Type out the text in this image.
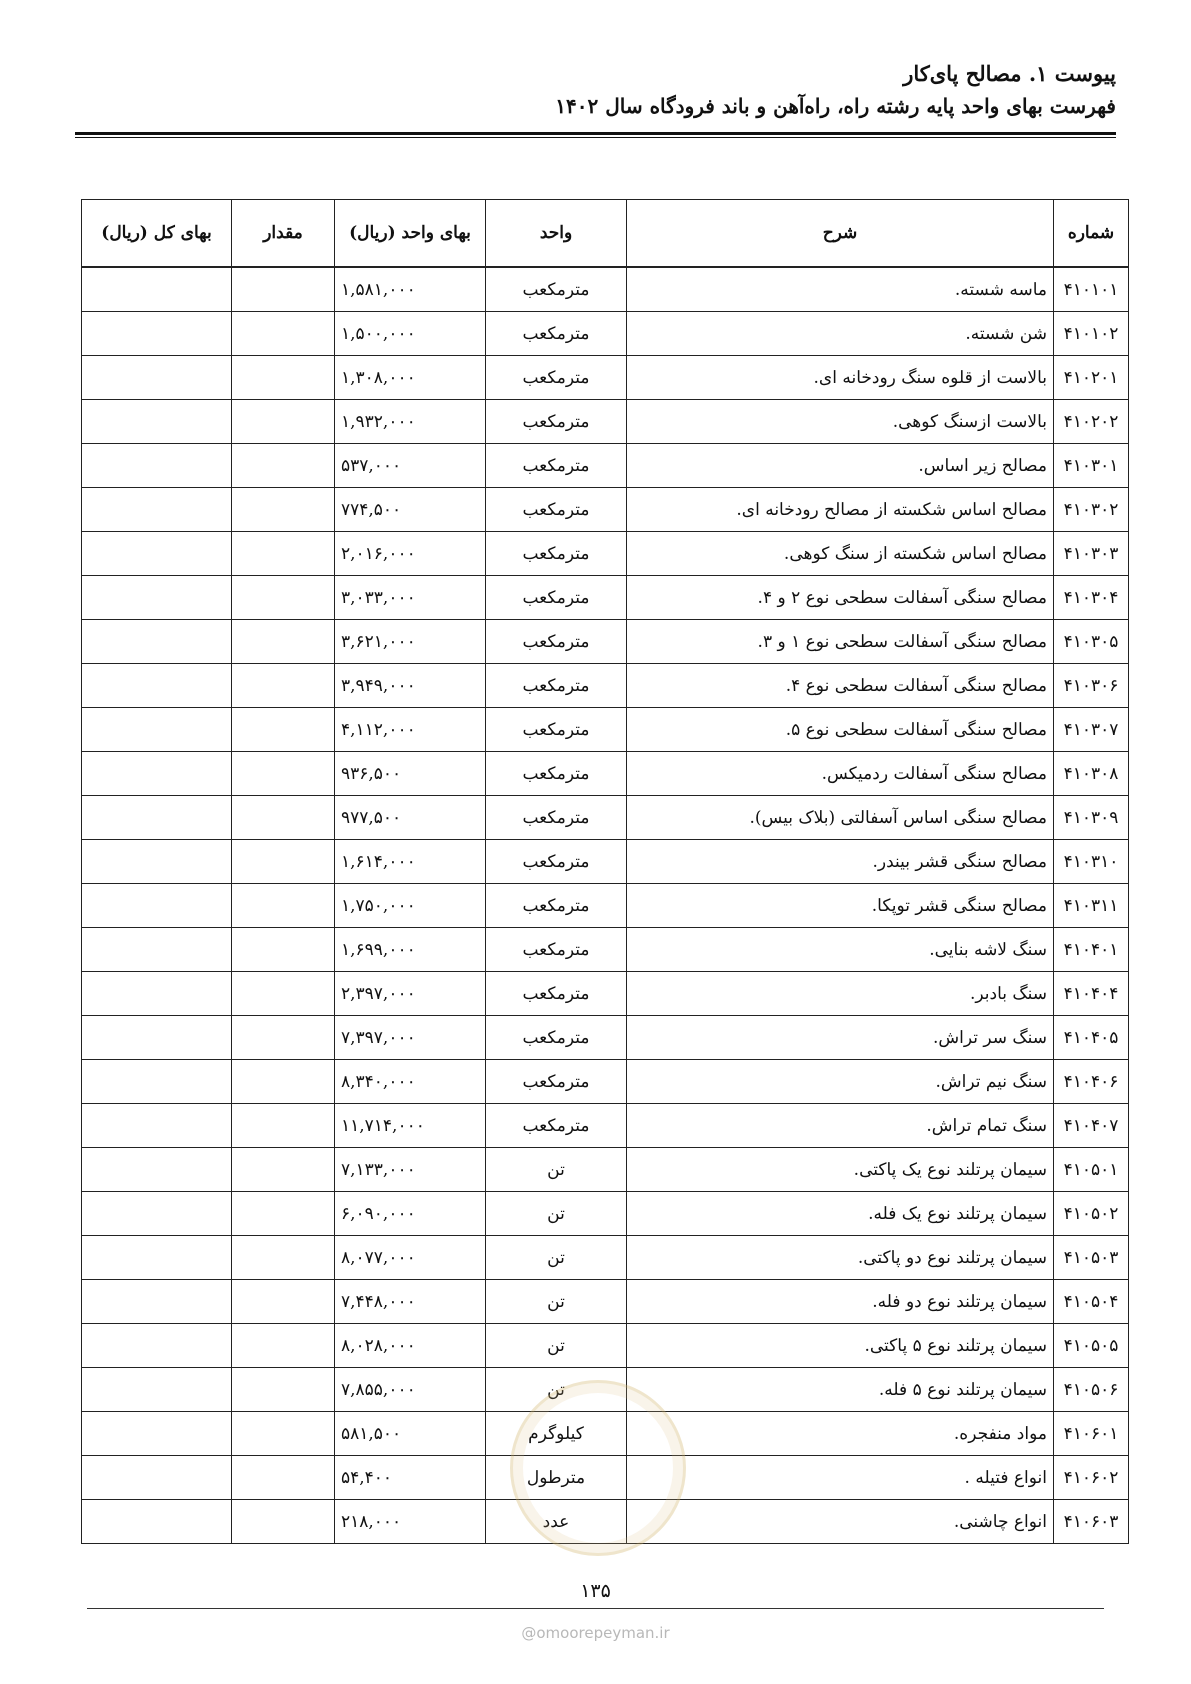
پیوست ۱. مصالح پای‌کار
فهرست بهای واحد پایه رشته راه، راه‌آهن و باند فرودگاه سال ۱۴۰۲
شماره	شرح	واحد	بهای واحد (ریال)	مقدار	بهای کل (ریال)
۴۱۰۱۰۱	ماسه شسته.	مترمکعب	۱,۵۸۱,۰۰۰		
۴۱۰۱۰۲	شن شسته.	مترمکعب	۱,۵۰۰,۰۰۰		
۴۱۰۲۰۱	بالاست از قلوه سنگ رودخانه ای.	مترمکعب	۱,۳۰۸,۰۰۰		
۴۱۰۲۰۲	بالاست ازسنگ کوهی.	مترمکعب	۱,۹۳۲,۰۰۰		
۴۱۰۳۰۱	مصالح زیر اساس.	مترمکعب	۵۳۷,۰۰۰		
۴۱۰۳۰۲	مصالح اساس شکسته از مصالح رودخانه ای.	مترمکعب	۷۷۴,۵۰۰		
۴۱۰۳۰۳	مصالح اساس شکسته از سنگ کوهی.	مترمکعب	۲,۰۱۶,۰۰۰		
۴۱۰۳۰۴	مصالح سنگی آسفالت سطحی نوع ۲ و ۴.	مترمکعب	۳,۰۳۳,۰۰۰		
۴۱۰۳۰۵	مصالح سنگی آسفالت سطحی نوع ۱ و ۳.	مترمکعب	۳,۶۲۱,۰۰۰		
۴۱۰۳۰۶	مصالح سنگی آسفالت سطحی نوع ۴.	مترمکعب	۳,۹۴۹,۰۰۰		
۴۱۰۳۰۷	مصالح سنگی آسفالت سطحی نوع ۵.	مترمکعب	۴,۱۱۲,۰۰۰		
۴۱۰۳۰۸	مصالح سنگی آسفالت ردمیکس.	مترمکعب	۹۳۶,۵۰۰		
۴۱۰۳۰۹	مصالح سنگی اساس آسفالتی (بلاک بیس).	مترمکعب	۹۷۷,۵۰۰		
۴۱۰۳۱۰	مصالح سنگی قشر بیندر.	مترمکعب	۱,۶۱۴,۰۰۰		
۴۱۰۳۱۱	مصالح سنگی قشر توپکا.	مترمکعب	۱,۷۵۰,۰۰۰		
۴۱۰۴۰۱	سنگ لاشه بنایی.	مترمکعب	۱,۶۹۹,۰۰۰		
۴۱۰۴۰۴	سنگ بادبر.	مترمکعب	۲,۳۹۷,۰۰۰		
۴۱۰۴۰۵	سنگ سر تراش.	مترمکعب	۷,۳۹۷,۰۰۰		
۴۱۰۴۰۶	سنگ نیم تراش.	مترمکعب	۸,۳۴۰,۰۰۰		
۴۱۰۴۰۷	سنگ تمام تراش.	مترمکعب	۱۱,۷۱۴,۰۰۰		
۴۱۰۵۰۱	سیمان پرتلند نوع یک پاکتی.	تن	۷,۱۳۳,۰۰۰		
۴۱۰۵۰۲	سیمان پرتلند نوع یک فله.	تن	۶,۰۹۰,۰۰۰		
۴۱۰۵۰۳	سیمان پرتلند نوع دو پاکتی.	تن	۸,۰۷۷,۰۰۰		
۴۱۰۵۰۴	سیمان پرتلند نوع دو فله.	تن	۷,۴۴۸,۰۰۰		
۴۱۰۵۰۵	سیمان پرتلند نوع ۵ پاکتی.	تن	۸,۰۲۸,۰۰۰		
۴۱۰۵۰۶	سیمان پرتلند نوع ۵ فله.	تن	۷,۸۵۵,۰۰۰		
۴۱۰۶۰۱	مواد منفجره.	کیلوگرم	۵۸۱,۵۰۰		
۴۱۰۶۰۲	انواع فتیله .	مترطول	۵۴,۴۰۰		
۴۱۰۶۰۳	انواع چاشنی.	عدد	۲۱۸,۰۰۰		
۱۳۵
@omoorepeyman.ir
